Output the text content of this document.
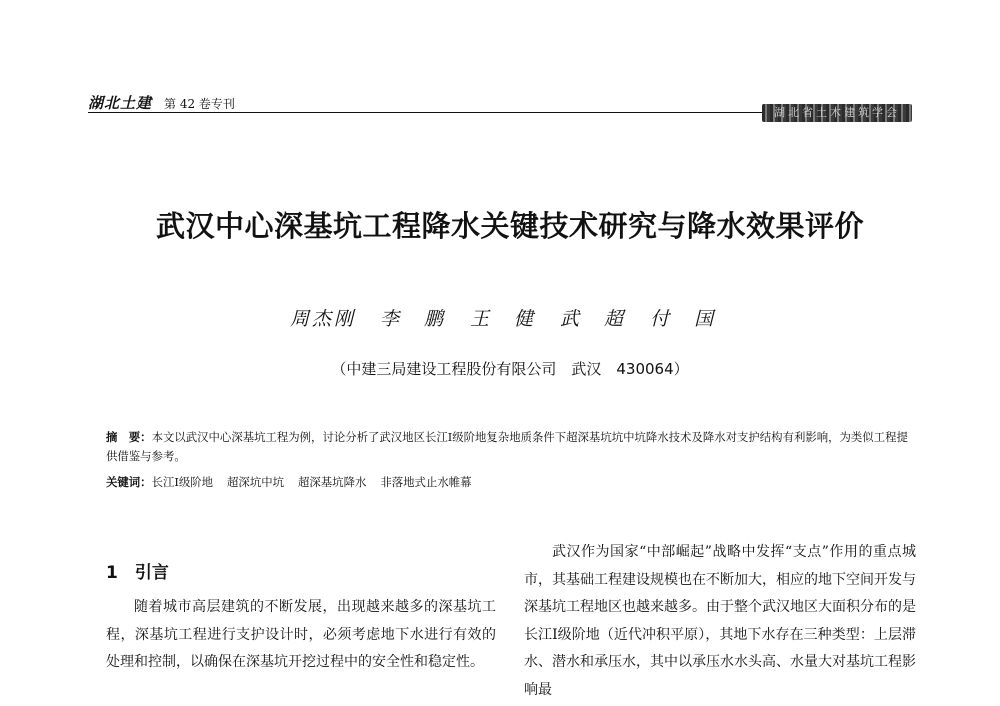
湖北土建 第 42 卷专刊
湖北省土木建筑学会
武汉中心深基坑工程降水关键技术研究与降水效果评价
周杰刚 李　鹏 王　健 武　超 付　国
（中建三局建设工程股份有限公司　武汉　430064）
摘　要：本文以武汉中心深基坑工程为例，讨论分析了武汉地区长江Ⅰ级阶地复杂地质条件下超深基坑坑中坑降水技术及降水对支护结构有利影响，为类似工程提供借鉴与参考。
关键词：长江Ⅰ级阶地 超深坑中坑 超深基坑降水 非落地式止水帷幕
1　引言

随着城市高层建筑的不断发展，出现越来越多的深基坑工程，深基坑工程进行支护设计时，必须考虑地下水进行有效的处理和控制，以确保在深基坑开挖过程中的安全性和稳定性。

武汉作为国家“中部崛起”战略中发挥“支点”作用的重点城市，其基础工程建设规模也在不断加大，相应的地下空间开发与深基坑工程地区也越来越多。由于整个武汉地区大面积分布的是长江Ⅰ级阶地（近代冲积平原），其地下水存在三种类型：上层滞水、潜水和承压水，其中以承压水水头高、水量大对基坑工程影响最
